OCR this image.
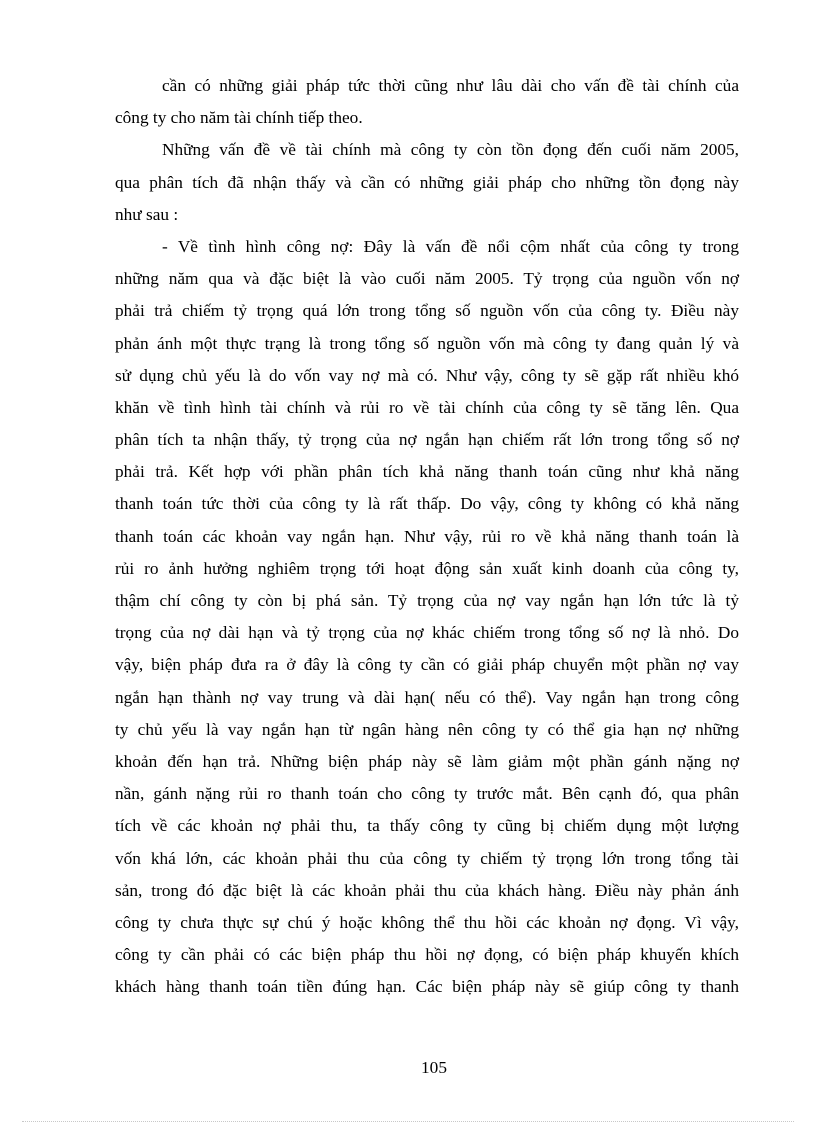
cần có những giải pháp tức thời cũng như lâu dài cho vấn đề tài chính của
công ty cho năm tài chính tiếp theo.
Những vấn đề về tài chính mà công ty còn tồn đọng đến cuối năm 2005,
qua phân tích đã nhận thấy và cần có những giải pháp cho những tồn đọng này
như sau :
- Về tình hình công nợ: Đây là vấn đề nổi cộm nhất của công ty trong
những năm qua và đặc biệt là vào cuối năm 2005. Tỷ trọng của nguồn vốn nợ
phải trả chiếm tỷ trọng quá lớn trong tổng số nguồn vốn của công ty. Điều này
phản ánh một thực trạng là trong tổng số nguồn vốn mà công ty đang quản lý và
sử dụng chủ yếu là do vốn vay nợ mà có. Như vậy, công ty sẽ gặp rất nhiều khó
khăn về tình hình tài chính và rủi ro về tài chính của công ty sẽ tăng lên. Qua
phân tích ta nhận thấy, tỷ trọng của nợ ngắn hạn chiếm rất lớn trong tổng số nợ
phải trả. Kết hợp với phần phân tích khả năng thanh toán cũng như khả năng
thanh toán tức thời của công ty là rất thấp. Do vậy, công ty không có khả năng
thanh toán các khoản vay ngắn hạn. Như vậy, rủi ro về khả năng thanh toán là
rủi ro ảnh hưởng nghiêm trọng tới hoạt động sản xuất kinh doanh của công ty,
thậm chí công ty còn bị phá sản. Tỷ trọng của nợ vay ngắn hạn lớn tức là tỷ
trọng của nợ dài hạn và tỷ trọng của nợ khác chiếm trong tổng số nợ là nhỏ. Do
vậy, biện pháp đưa ra ở đây là công ty cần có giải pháp chuyển một phần nợ vay
ngắn hạn thành nợ vay trung và dài hạn( nếu có thể). Vay ngắn hạn trong công
ty chủ yếu là vay ngắn hạn từ ngân hàng nên công ty có thể gia hạn nợ những
khoản đến hạn trả. Những biện pháp này sẽ làm giảm một phần gánh nặng nợ
nần, gánh nặng rủi ro thanh toán cho công ty trước mắt. Bên cạnh đó, qua phân
tích về các khoản nợ phải thu, ta thấy công ty cũng bị chiếm dụng một lượng
vốn khá lớn, các khoản phải thu của công ty chiếm tỷ trọng lớn trong tổng tài
sản, trong đó đặc biệt là các khoản phải thu của khách hàng. Điều này phản ánh
công ty chưa thực sự chú ý hoặc không thể thu hồi các khoản nợ đọng. Vì vậy,
công ty cần phải có các biện pháp thu hồi nợ đọng, có biện pháp khuyến khích
khách hàng thanh toán tiền đúng hạn. Các biện pháp này sẽ giúp công ty thanh
105
